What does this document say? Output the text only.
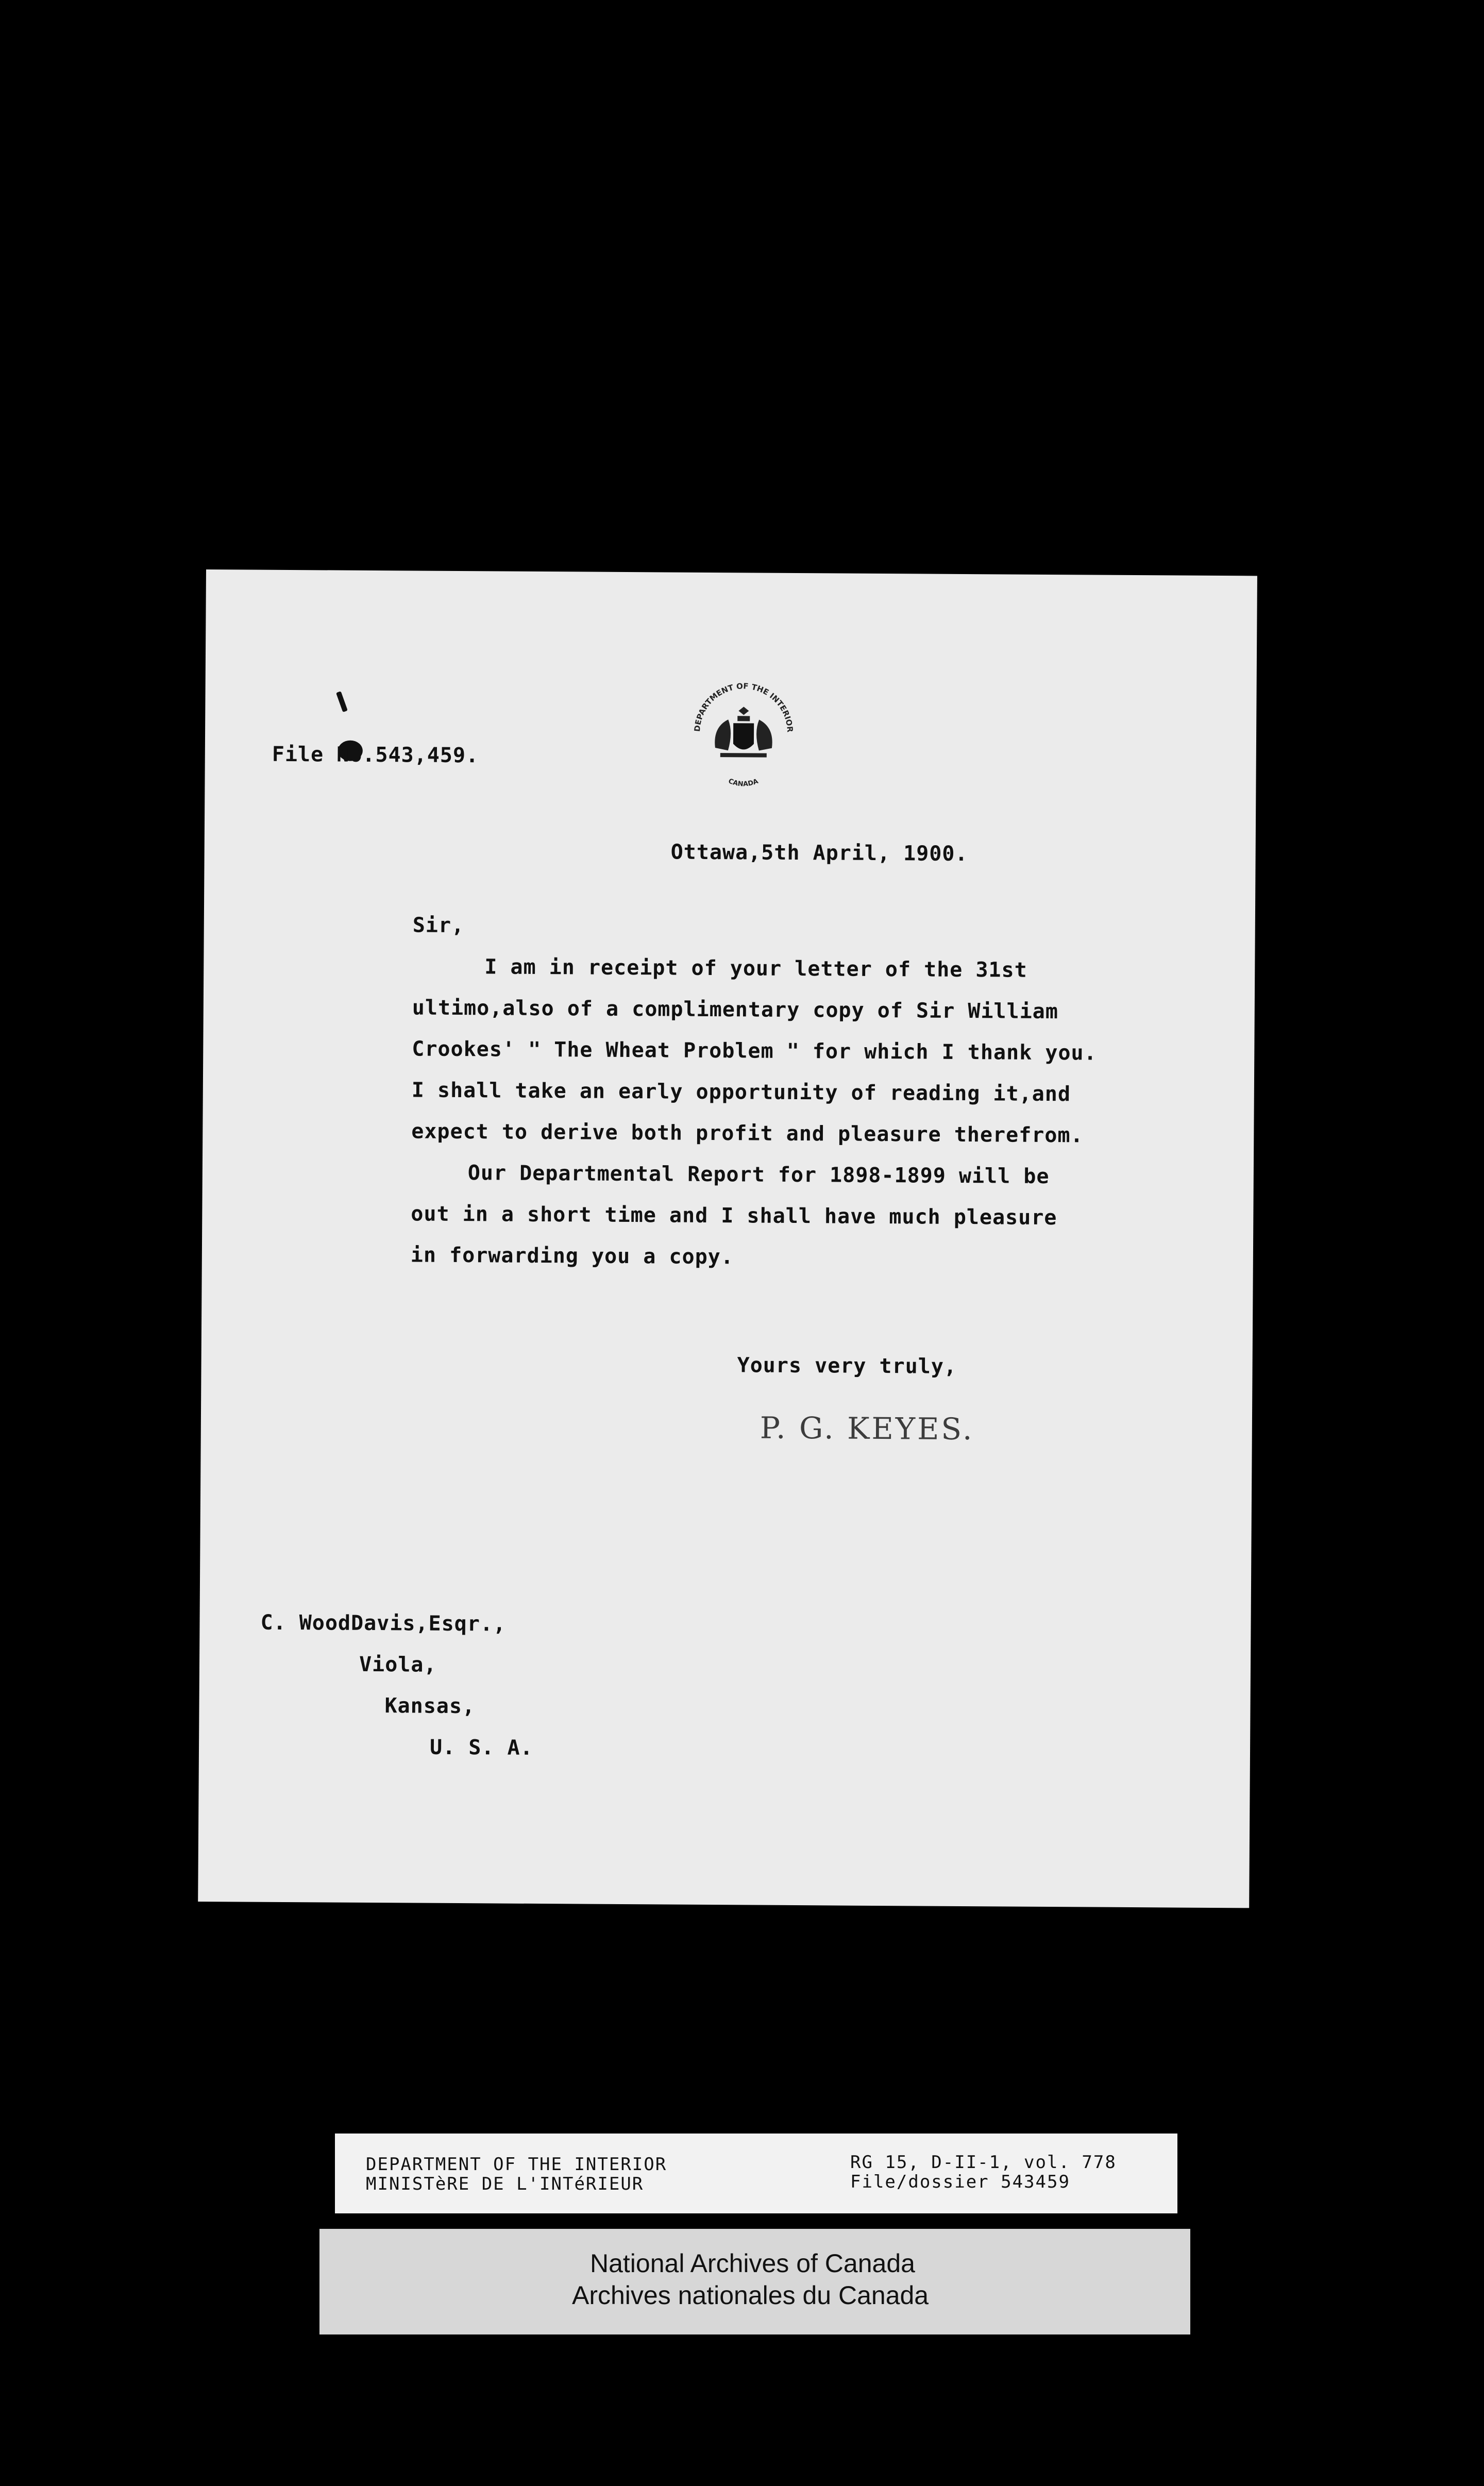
DEPARTMENT OF THE INTERIOR
CANADA
File No.543,459.
Ottawa,5th April, 1900.
Sir,
I am in receipt of your letter of the 31st
ultimo,also of a complimentary copy of Sir William
Crookes' " The Wheat Problem " for which I thank you.
I shall take an early opportunity of reading it,and
expect to derive both profit and pleasure therefrom.
Our Departmental Report for 1898-1899 will be
out in a short time and I shall have much pleasure
in forwarding you a copy.
Yours very truly,
P. G. KEYES.
C. WoodDavis,Esqr.,
Viola,
Kansas,
U. S. A.
DEPARTMENT OF THE INTERIOR
MINISTèRE DE L'INTéRIEUR
RG 15, D-II-1, vol. 778
File/dossier 543459
National Archives of Canada
Archives nationales du Canada
